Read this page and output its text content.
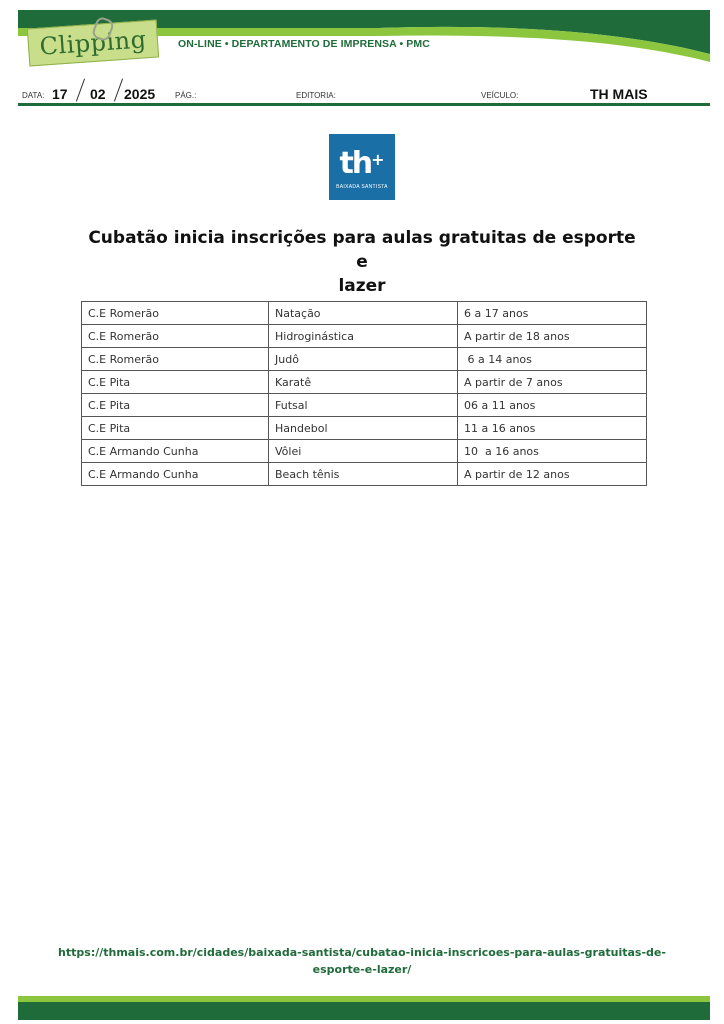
Clipping	ON-LINE • DEPARTAMENTO DE IMPRENSA • PMC
DATA: 17 02 2025 PÁG.:	EDITORIA:	VEÍCULO:	TH MAIS
th+
BAIXADA SANTISTA
Cubatão inicia inscrições para aulas gratuitas de esporte e
lazer
C.E Romerão	Natação	6 a 17 anos
C.E Romerão	Hidroginástica	A partir de 18 anos
C.E Romerão	Judô	6 a 14 anos
C.E Pita	Karatê	A partir de 7 anos
C.E Pita	Futsal	06 a 11 anos
C.E Pita	Handebol	11 a 16 anos
C.E Armando Cunha	Vôlei	10  a 16 anos
C.E Armando Cunha	Beach tênis	A partir de 12 anos
https://thmais.com.br/cidades/baixada-santista/cubatao-inicia-inscricoes-para-aulas-gratuitas-de-
esporte-e-lazer/
